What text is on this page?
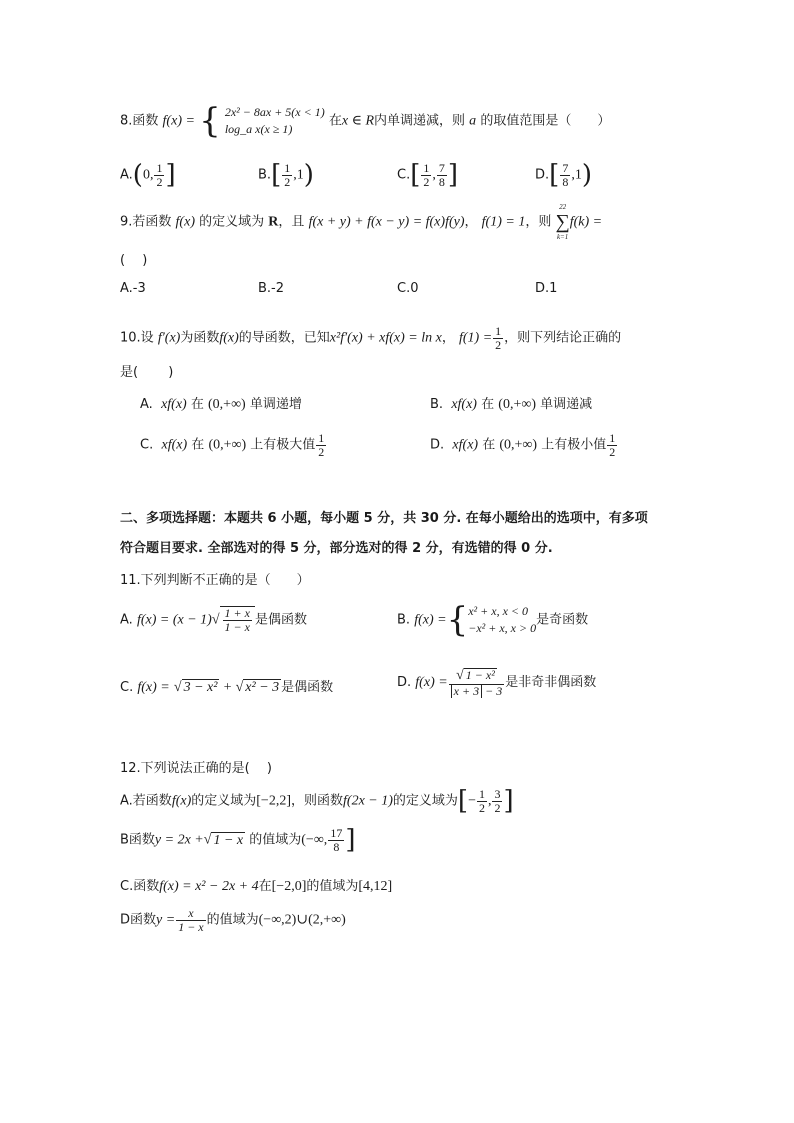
8.函数 f(x) = { 2x² − 8ax + 5(x < 1)
log_a x(x ≥ 1) 在x ∈ R内单调递减，则 a 的取值范围是（　　）
A.(0, $\frac{1}{2}$ ]	$B.[ \frac{1}{2} ,1)$	$C.[ \frac{1}{2}$ , $\frac{7}{8}$ ]	$D.[ \frac{7}{8} ,1)$
9.若函数 f(x) 的定义域为 R，且 f(x + y) + f(x − y) = f(x)f(y)， f(1) = 1，则
22
∑
k=1
f(k) =
(　 )
A.-3	B.-2	C.0	D.1
10.设 f′(x)为函数f(x)的导函数，已知x²f′(x) + xf(x) = ln x， $f(1) = \frac{1}{2}$ ，则下列结论正确的
是(　　 )
A. xf(x) 在 (0,+∞) 单调递增	B. xf(x) 在 (0,+∞) 单调递减
C. xf(x) 在 (0,+∞) 上有极大值 $\frac{1}{2}$	D. xf(x) 在 (0,+∞) 上有极小值 $\frac{1}{2}$
二、多项选择题：本题共 6 小题，每小题 5 分，共 30 分. 在每小题给出的选项中，有多项
符合题目要求. 全部选对的得 5 分，部分选对的得 2 分，有选错的得 0 分.
11.下列判断不正确的是（　　）
A. $f(x) = (x - 1)√ \frac{1 + x}{1 - x}$ 是偶函数	B. f(x) ={x² + x, x < 0
−x² + x, x > 0是奇函数
C. f(x) = √ 3 − x² + √ x² − 3 是偶函数	D. $f(x) = \frac{\text{√ 1 − x²}}{x + 3 - 3}$ 是非奇非偶函数
12.下列说法正确的是(　 )
A.若函数f(x)的定义域为[−2,2]，则函数f(2x − 1)的定义域为[− $\frac{1}{2}$ , $\frac{3}{2}$ ]
B函数y = 2x +√ 1 − x 的值域为(−∞, $\frac{17}{8}$ ]
C.函数f(x) = x² − 2x + 4在[−2,0]的值域为[4,12]
D函数$y = \frac{x}{1 - x}$ 的值域为(−∞,2)∪(2,+∞)
